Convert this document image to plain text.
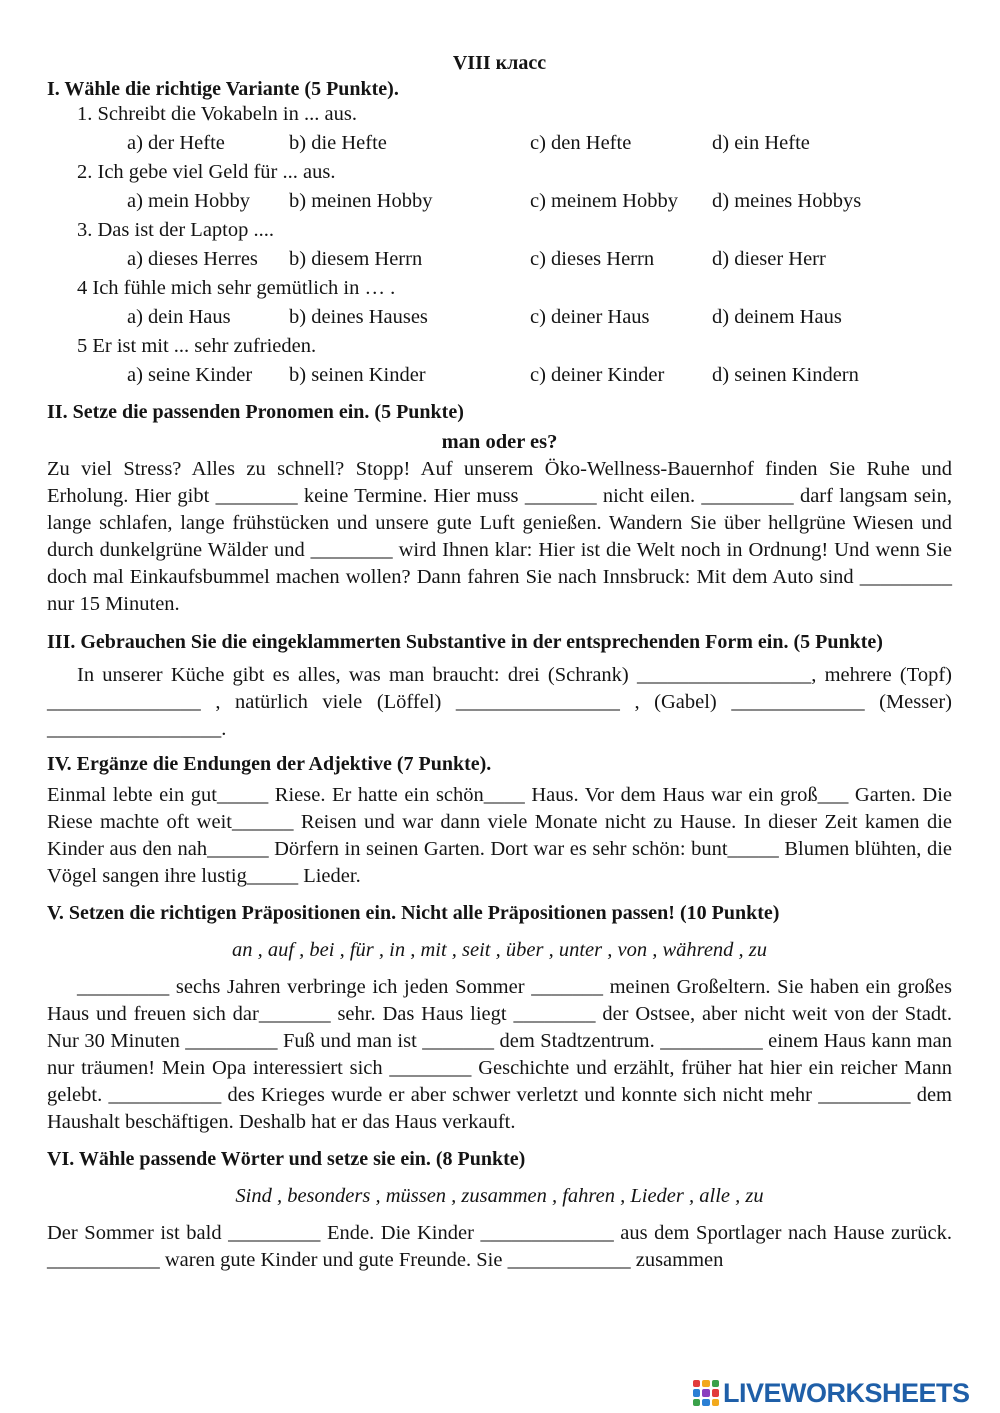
VIII класс
I. Wähle die richtige Variante (5 Punkte).
1. Schreibt die Vokabeln in ... aus.
a) der Hefte	b) die Hefte	c) den Hefte	d) ein Hefte
2. Ich gebe viel Geld für ... aus.
a) mein Hobby b) meinen Hobby	c) meinem Hobby d) meines Hobbys
3. Das ist der Laptop ....
a) dieses Herres b) diesem Herrn	c) dieses Herrn	d) dieser Herr
4 Ich fühle mich sehr gemütlich in … .
a) dein Haus	b) deines Hauses	c) deiner Haus	d) deinem Haus
5 Er ist mit ... sehr zufrieden.
a) seine Kinder b) seinen Kinder	c) deiner Kinder d) seinen Kindern
II. Setze die passenden Pronomen ein. (5 Punkte)
man oder es?

Zu viel Stress? Alles zu schnell? Stopp! Auf unserem Öko-Wellness-Bauernhof finden Sie Ruhe und Erholung. Hier gibt ________ keine Termine. Hier muss _______ nicht eilen. _________ darf langsam sein, lange schlafen, lange frühstücken und unsere gute Luft genießen. Wandern Sie über hellgrüne Wiesen und durch dunkelgrüne Wälder und ________ wird Ihnen klar: Hier ist die Welt noch in Ordnung! Und wenn Sie doch mal Einkaufsbummel machen wollen? Dann fahren Sie nach Innsbruck: Mit dem Auto sind _________ nur 15 Minuten.

III. Gebrauchen Sie die eingeklammerten Substantive in der entsprechenden Form ein. (5 Punkte)

In unserer Küche gibt es alles, was man braucht: drei (Schrank) _________________, mehrere (Topf) _______________ , natürlich viele (Löffel) ________________ , (Gabel) _____________ (Messer) _________________.

IV. Ergänze die Endungen der Adjektive (7 Punkte).

Einmal lebte ein gut_____ Riese. Er hatte ein schön____ Haus. Vor dem Haus war ein groß___ Garten. Die Riese machte oft weit______ Reisen und war dann viele Monate nicht zu Hause. In dieser Zeit kamen die Kinder aus den nah______ Dörfern in seinen Garten. Dort war es sehr schön: bunt_____ Blumen blühten, die Vögel sangen ihre lustig_____ Lieder.

V. Setzen die richtigen Präpositionen ein. Nicht alle Präpositionen passen! (10 Punkte)
an , auf , bei , für , in , mit , seit , über , unter , von , während , zu

_________ sechs Jahren verbringe ich jeden Sommer _______ meinen Großeltern. Sie haben ein großes Haus und freuen sich dar_______ sehr. Das Haus liegt ________ der Ostsee, aber nicht weit von der Stadt. Nur 30 Minuten _________ Fuß und man ist _______ dem Stadtzentrum. __________ einem Haus kann man nur träumen! Mein Opa interessiert sich ________ Geschichte und erzählt, früher hat hier ein reicher Mann gelebt. ___________ des Krieges wurde er aber schwer verletzt und konnte sich nicht mehr _________ dem Haushalt beschäftigen. Deshalb hat er das Haus verkauft.

VI. Wähle passende Wörter und setze sie ein. (8 Punkte)
Sind , besonders , müssen , zusammen , fahren , Lieder , alle , zu

Der Sommer ist bald _________ Ende. Die Kinder _____________ aus dem Sportlager nach Hause zurück. ___________ waren gute Kinder und gute Freunde. Sie ____________ zusammen

LIVEWORKSHEETS
